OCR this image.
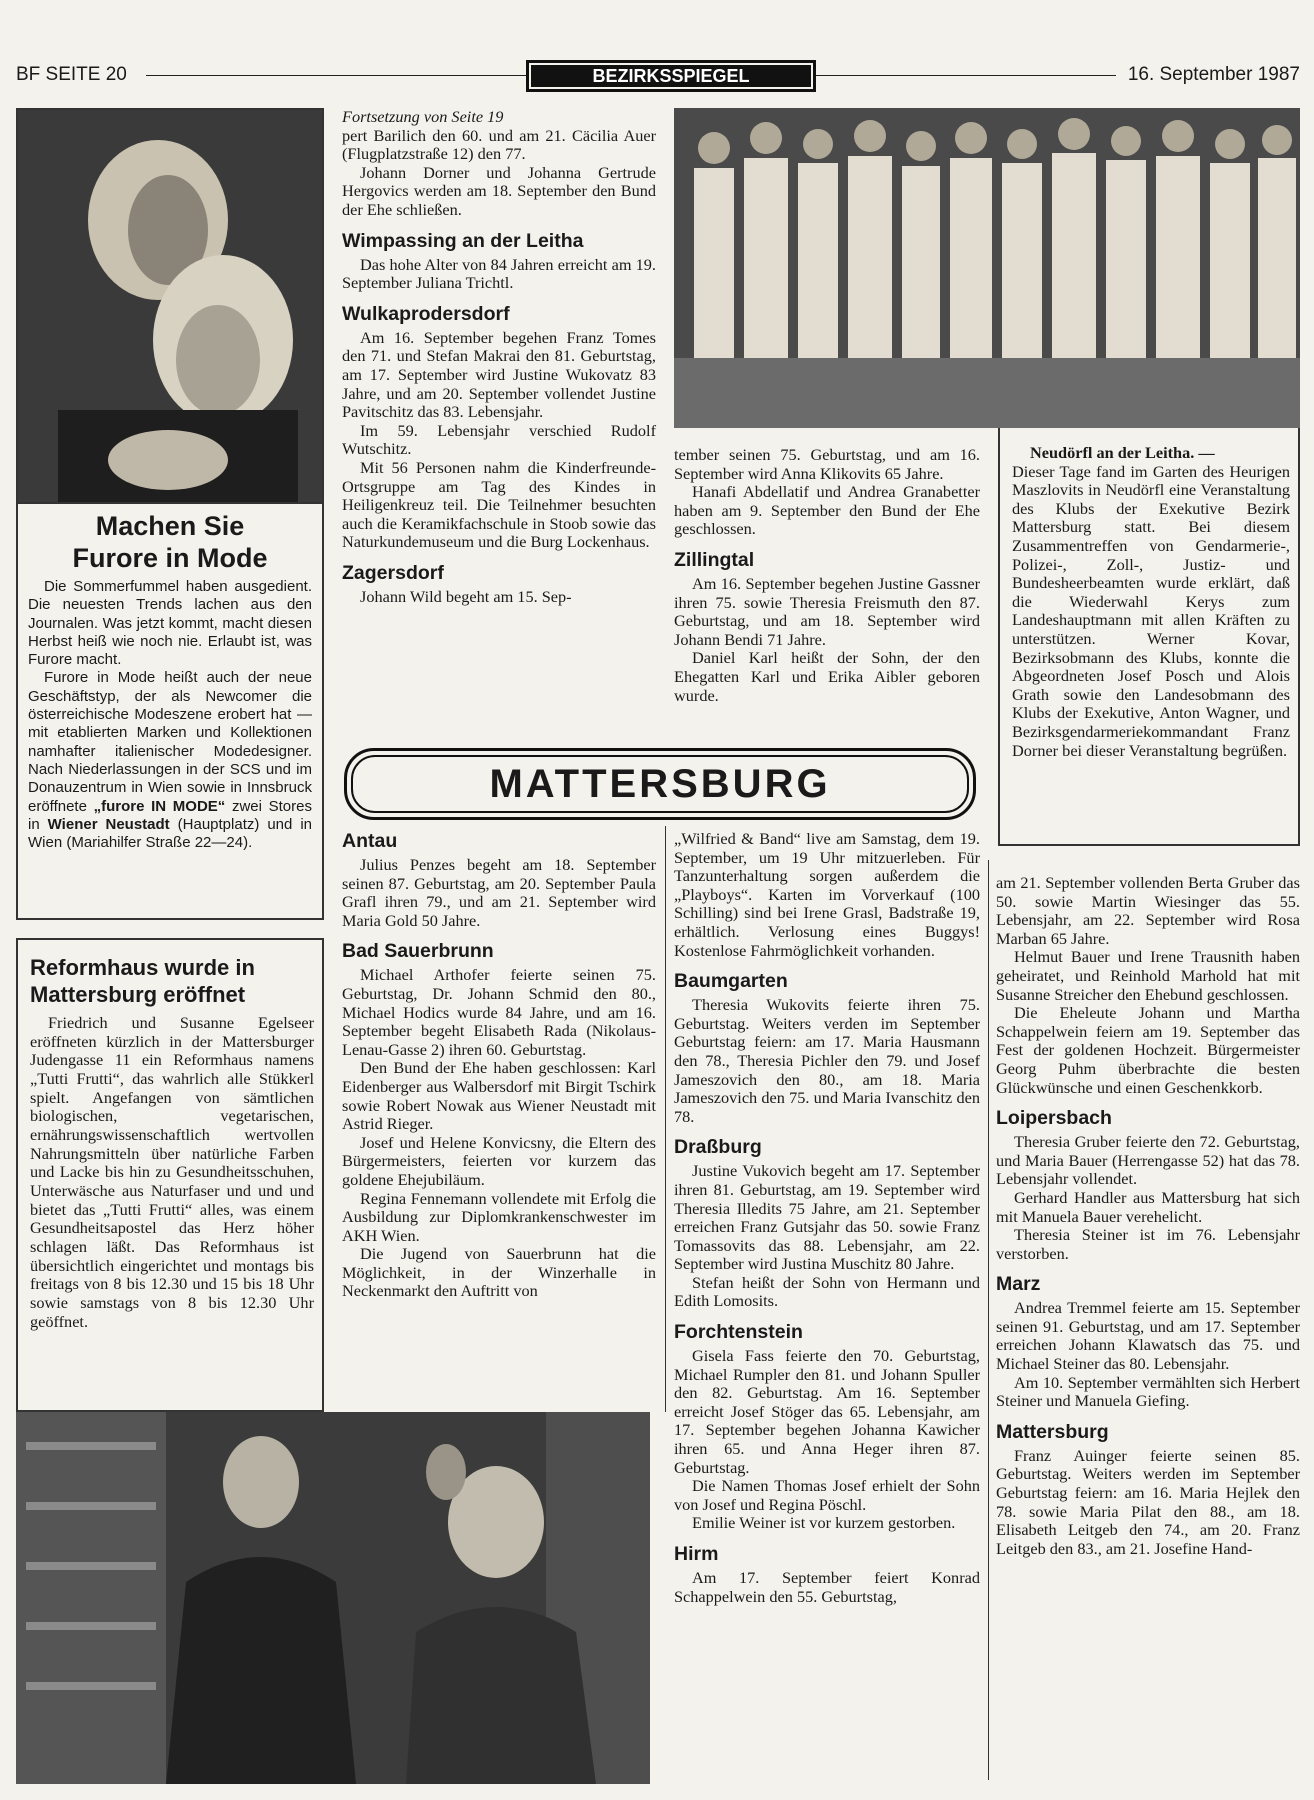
BF SEITE 20	BEZIRKSSPIEGEL	16. September 1987
Machen Sie
Furore in Mode

Die Sommerfummel haben ausgedient. Die neuesten Trends lachen aus den Journalen. Was jetzt kommt, macht diesen Herbst heiß wie noch nie. Erlaubt ist, was Furore macht.

Furore in Mode heißt auch der neue Geschäftstyp, der als Newcomer die österreichische Modeszene erobert hat — mit etablierten Marken und Kollektionen namhafter italienischer Modedesigner. Nach Niederlassungen in der SCS und im Donauzentrum in Wien sowie in Innsbruck eröffnete „furore IN MODE“ zwei Stores in Wiener Neustadt (Hauptplatz) und in Wien (Mariahilfer Straße 22—24).

Reformhaus wurde in Mattersburg eröffnet
Friedrich und Susanne Egelseer eröffneten kürzlich in der Mattersburger Judengasse 11 ein Reformhaus namens „Tutti Frutti“, das wahrlich alle Stükkerl spielt. Angefangen von sämtlichen biologischen, vegetarischen, ernährungswissenschaftlich wertvollen Nahrungsmitteln über natürliche Farben und Lacke bis hin zu Gesundheitsschuhen, Unterwäsche aus Naturfaser und und und bietet das „Tutti Frutti“ alles, was einem Gesundheitsapostel das Herz höher schlagen läßt. Das Reformhaus ist übersichtlich eingerichtet und montags bis freitags von 8 bis 12.30 und 15 bis 18 Uhr sowie samstags von 8 bis 12.30 Uhr geöffnet.

Fortsetzung von Seite 19

pert Barilich den 60. und am 21. Cäcilia Auer (Flugplatzstraße 12) den 77.

Johann Dorner und Johanna Gertrude Hergovics werden am 18. September den Bund der Ehe schließen.

Wimpassing an der Leitha

Das hohe Alter von 84 Jahren erreicht am 19. September Juliana Trichtl.

Wulkaprodersdorf

Am 16. September begehen Franz Tomes den 71. und Stefan Makrai den 81. Geburtstag, am 17. September wird Justine Wukovatz 83 Jahre, und am 20. September vollendet Justine Pavitschitz das 83. Lebensjahr.

Im 59. Lebensjahr verschied Rudolf Wutschitz.

Mit 56 Personen nahm die Kinderfreunde-Ortsgruppe am Tag des Kindes in Heiligenkreuz teil. Die Teilnehmer besuchten auch die Keramikfachschule in Stoob sowie das Naturkundemuseum und die Burg Lockenhaus.

Zagersdorf

Johann Wild begeht am 15. Sep-

tember seinen 75. Geburtstag, und am 16. September wird Anna Klikovits 65 Jahre.

Hanafi Abdellatif und Andrea Granabetter haben am 9. September den Bund der Ehe geschlossen.

Zillingtal

Am 16. September begehen Justine Gassner ihren 75. sowie Theresia Freismuth den 87. Geburtstag, und am 18. September wird Johann Bendi 71 Jahre.

Daniel Karl heißt der Sohn, der den Ehegatten Karl und Erika Aibler geboren wurde.

Neudörfl an der Leitha. —
Dieser Tage fand im Garten des Heurigen Maszlovits in Neudörfl eine Veranstaltung des Klubs der Exekutive Bezirk Mattersburg statt. Bei diesem Zusammentreffen von Gendarmerie-, Polizei-, Zoll-, Justiz- und Bundesheerbeamten wurde erklärt, daß die Wiederwahl Kerys zum Landeshauptmann mit allen Kräften zu unterstützen. Werner Kovar, Bezirksobmann des Klubs, konnte die Abgeordneten Josef Posch und Alois Grath sowie den Landesobmann des Klubs der Exekutive, Anton Wagner, und Bezirksgendarmeriekommandant Franz Dorner bei dieser Veranstaltung begrüßen.
MATTERSBURG
Antau

Julius Penzes begeht am 18. September seinen 87. Geburtstag, am 20. September Paula Grafl ihren 79., und am 21. September wird Maria Gold 50 Jahre.

Bad Sauerbrunn

Michael Arthofer feierte seinen 75. Geburtstag, Dr. Johann Schmid den 80., Michael Hodics wurde 84 Jahre, und am 16. September begeht Elisabeth Rada (Nikolaus-Lenau-Gasse 2) ihren 60. Geburtstag.

Den Bund der Ehe haben geschlossen: Karl Eidenberger aus Walbersdorf mit Birgit Tschirk sowie Robert Nowak aus Wiener Neustadt mit Astrid Rieger.

Josef und Helene Konvicsny, die Eltern des Bürgermeisters, feierten vor kurzem das goldene Ehejubiläum.

Regina Fennemann vollendete mit Erfolg die Ausbildung zur Diplomkrankenschwester im AKH Wien.

Die Jugend von Sauerbrunn hat die Möglichkeit, in der Winzerhalle in Neckenmarkt den Auftritt von

„Wilfried & Band“ live am Samstag, dem 19. September, um 19 Uhr mitzuerleben. Für Tanzunterhaltung sorgen außerdem die „Playboys“. Karten im Vorverkauf (100 Schilling) sind bei Irene Grasl, Badstraße 19, erhältlich. Verlosung eines Buggys! Kostenlose Fahrmöglichkeit vorhanden.

Baumgarten

Theresia Wukovits feierte ihren 75. Geburtstag. Weiters verden im September Geburtstag feiern: am 17. Maria Hausmann den 78., Theresia Pichler den 79. und Josef Jameszovich den 80., am 18. Maria Jameszovich den 75. und Maria Ivanschitz den 78.

Draßburg

Justine Vukovich begeht am 17. September ihren 81. Geburtstag, am 19. September wird Theresia Illedits 75 Jahre, am 21. September erreichen Franz Gutsjahr das 50. sowie Franz Tomassovits das 88. Lebensjahr, am 22. September wird Justina Muschitz 80 Jahre.

Stefan heißt der Sohn von Hermann und Edith Lomosits.

Forchtenstein

Gisela Fass feierte den 70. Geburtstag, Michael Rumpler den 81. und Johann Spuller den 82. Geburtstag. Am 16. September erreicht Josef Stöger das 65. Lebensjahr, am 17. September begehen Johanna Kawicher ihren 65. und Anna Heger ihren 87. Geburtstag.

Die Namen Thomas Josef erhielt der Sohn von Josef und Regina Pöschl.

Emilie Weiner ist vor kurzem gestorben.

Hirm

Am 17. September feiert Konrad Schappelwein den 55. Geburtstag,

am 21. September vollenden Berta Gruber das 50. sowie Martin Wiesinger das 55. Lebensjahr, am 22. September wird Rosa Marban 65 Jahre.

Helmut Bauer und Irene Trausnith haben geheiratet, und Reinhold Marhold hat mit Susanne Streicher den Ehebund geschlossen.

Die Eheleute Johann und Martha Schappelwein feiern am 19. September das Fest der goldenen Hochzeit. Bürgermeister Georg Puhm überbrachte die besten Glückwünsche und einen Geschenkkorb.

Loipersbach

Theresia Gruber feierte den 72. Geburtstag, und Maria Bauer (Herrengasse 52) hat das 78. Lebensjahr vollendet.

Gerhard Handler aus Mattersburg hat sich mit Manuela Bauer verehelicht.

Theresia Steiner ist im 76. Lebensjahr verstorben.

Marz

Andrea Tremmel feierte am 15. September seinen 91. Geburtstag, und am 17. September erreichen Johann Klawatsch das 75. und Michael Steiner das 80. Lebensjahr.

Am 10. September vermählten sich Herbert Steiner und Manuela Giefing.

Mattersburg

Franz Auinger feierte seinen 85. Geburtstag. Weiters werden im September Geburtstag feiern: am 16. Maria Hejlek den 78. sowie Maria Pilat den 88., am 18. Elisabeth Leitgeb den 74., am 20. Franz Leitgeb den 83., am 21. Josefine Hand-
